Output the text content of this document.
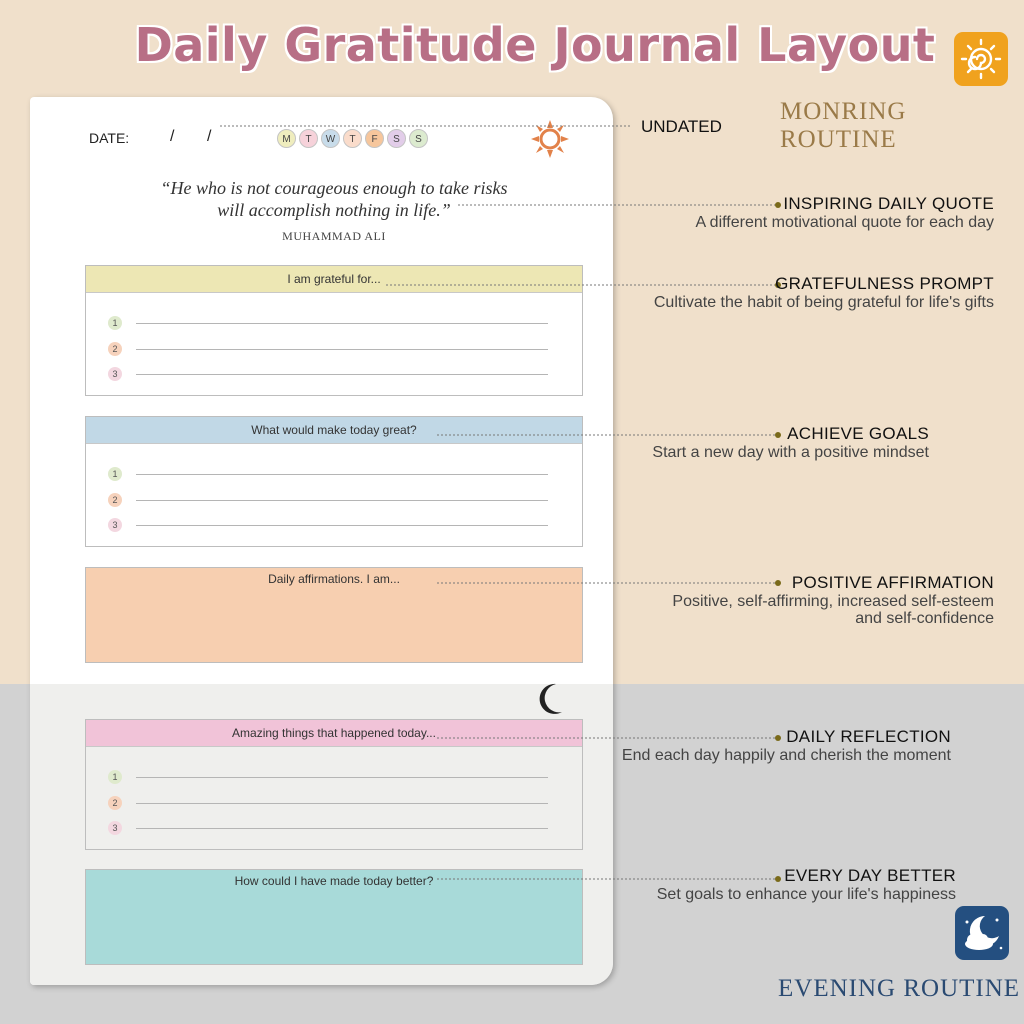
Daily Gratitude Journal Layout
MONRING ROUTINE
EVENING ROUTINE
DATE:	/ /	M	T	W	T	F	S	S
“He who is not courageous enough to take risks
will accomplish nothing in life.”
MUHAMMAD ALI
I am grateful for...
1
2
3
What would make today great?
1
2
3
Daily affirmations. I am...
Amazing things that happened today...
1
2
3
How could I have made today better?
UNDATED
INSPIRING DAILY QUOTE
A different motivational quote for each day
GRATEFULNESS PROMPT
Cultivate the habit of being grateful for life's gifts
ACHIEVE GOALS
Start a new day with a positive mindset
POSITIVE AFFIRMATION
Positive, self-affirming, increased self-esteem
and self-confidence
DAILY REFLECTION
End each day happily and cherish the moment
EVERY DAY BETTER
Set goals to enhance your life's happiness
